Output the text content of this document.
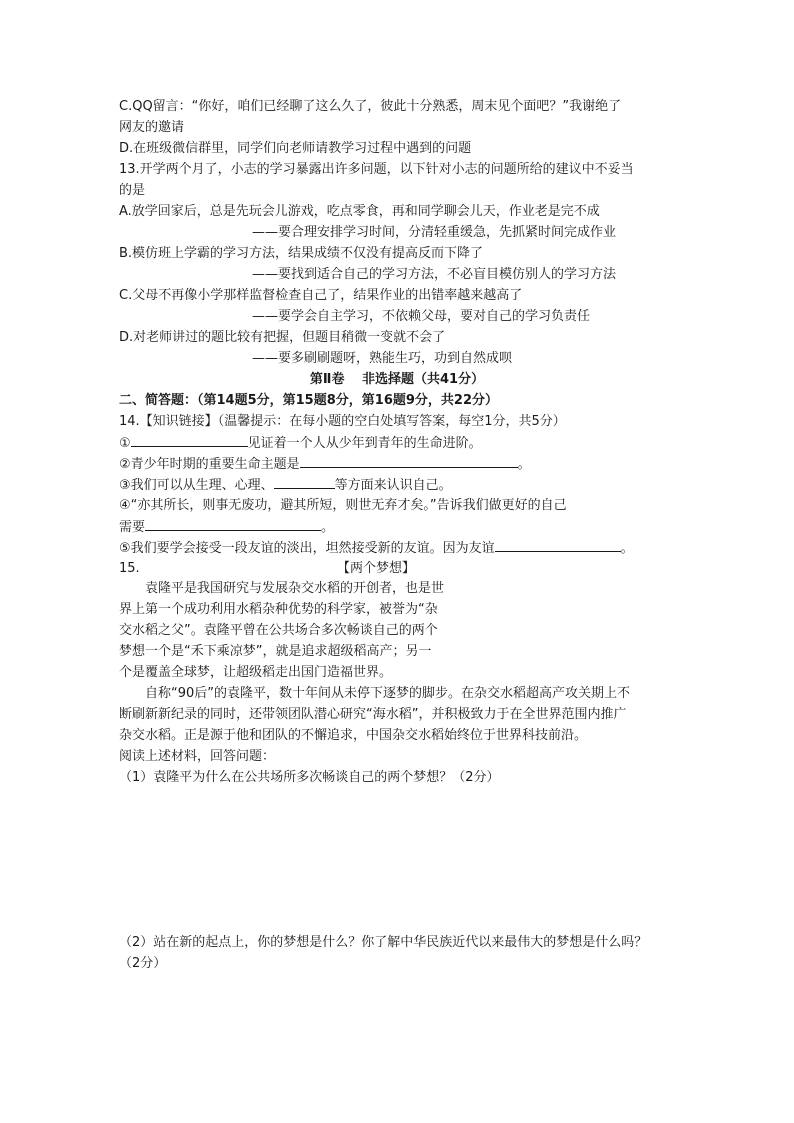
C.QQ留言：“你好，咱们已经聊了这么久了，彼此十分熟悉，周末见个面吧？”我谢绝了
网友的邀请
D.在班级微信群里，同学们向老师请教学习过程中遇到的问题
13.开学两个月了，小志的学习暴露出许多问题，以下针对小志的问题所给的建议中不妥当
的是
A.放学回家后，总是先玩会儿游戏，吃点零食，再和同学聊会儿天，作业老是完不成
——要合理安排学习时间，分清轻重缓急，先抓紧时间完成作业
B.模仿班上学霸的学习方法，结果成绩不仅没有提高反而下降了
——要找到适合自己的学习方法，不必盲目模仿别人的学习方法
C.父母不再像小学那样监督检查自己了，结果作业的出错率越来越高了
——要学会自主学习，不依赖父母，要对自己的学习负责任
D.对老师讲过的题比较有把握，但题目稍微一变就不会了
——要多刷刷题呀，熟能生巧，功到自然成呗
第Ⅱ卷　 非选择题（共41分）
二、简答题：（第14题5分，第15题8分，第16题9分，共22分）
14.【知识链接】（温馨提示：在每小题的空白处填写答案，每空1分，共5分）
①	见证着一个人从少年到青年的生命进阶。
②青少年时期的重要生命主题是	。
③我们可以从生理、心理、	等方面来认识自己。
④“亦其所长，则事无废功，避其所短，则世无弃才矣。”告诉我们做更好的自己
需要	。
⑤我们要学会接受一段友谊的淡出，坦然接受新的友谊。因为友谊	。
15.	【两个梦想】
　　袁隆平是我国研究与发展杂交水稻的开创者，也是世
界上第一个成功利用水稻杂种优势的科学家，被誉为“杂
交水稻之父”。袁隆平曾在公共场合多次畅谈自己的两个
梦想一个是“禾下乘凉梦”，就是追求超级稻高产；另一
个是覆盖全球梦，让超级稻走出国门造福世界。
　　自称“90后”的袁隆平，数十年间从未停下逐梦的脚步。在杂交水稻超高产攻关期上不
断刷新新纪录的同时，还带领团队潜心研究“海水稻”，并积极致力于在全世界范围内推广
杂交水稻。正是源于他和团队的不懈追求，中国杂交水稻始终位于世界科技前沿。
阅读上述材料，回答问题：
（1）袁隆平为什么在公共场所多次畅谈自己的两个梦想？（2分）
（2）站在新的起点上，你的梦想是什么？你了解中华民族近代以来最伟大的梦想是什么吗？
（2分）
